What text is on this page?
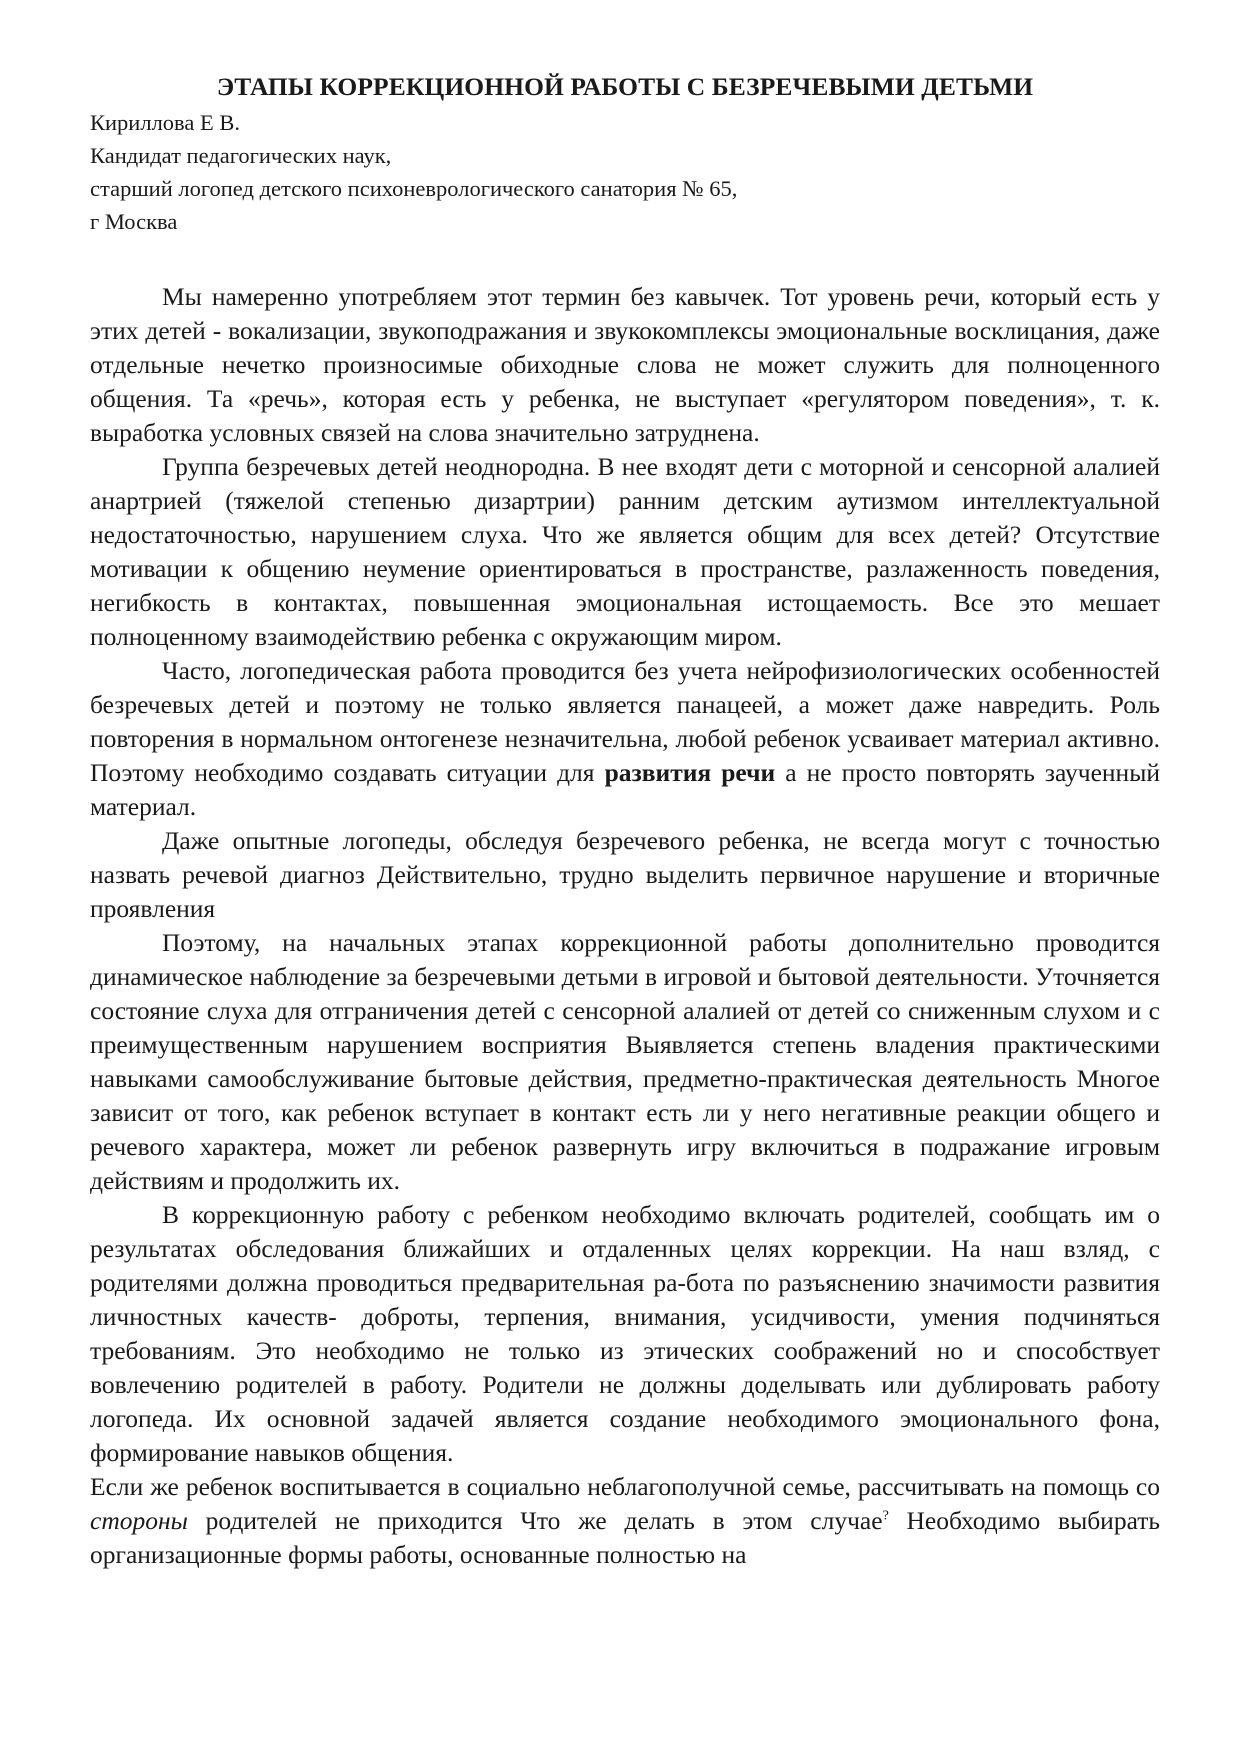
ЭТАПЫ КОРРЕКЦИОННОЙ РАБОТЫ С БЕЗРЕЧЕВЫМИ ДЕТЬМИ
Кириллова Е В.
Кандидат педагогических наук,
старший логопед детского психоневрологического санатория № 65,
г Москва

Мы намеренно употребляем этот термин без кавычек. Тот уровень речи, который есть у этих детей - вокализации, звукоподражания и звукокомплексы эмоциональные восклицания, даже отдельные нечетко произносимые обиходные слова не может служить для полноценного общения. Та «речь», которая есть у ребенка, не выступает «регулятором поведения», т. к. выработка условных связей на слова значительно затруднена.

Группа безречевых детей неоднородна. В нее входят дети с моторной и сенсорной алалией анартрией (тяжелой степенью дизартрии) ранним детским аутизмом интеллектуальной недостаточностью, нарушением слуха. Что же является общим для всех детей? Отсутствие мотивации к общению неумение ориентироваться в пространстве, разлаженность поведения, негибкость в контактах, повышенная эмоциональная истощаемость. Все это мешает полноценному взаимодействию ребенка с окружающим миром.

Часто, логопедическая работа проводится без учета нейрофизиологических особенностей безречевых детей и поэтому не только является панацеей, а может даже навредить. Роль повторения в нормальном онтогенезе незначительна, любой ребенок усваивает материал активно. Поэтому необходимо создавать ситуации для развития речи а не просто повторять заученный материал.

Даже опытные логопеды, обследуя безречевого ребенка, не всегда могут с точностью назвать речевой диагноз Действительно, трудно выделить первичное нарушение и вторичные проявления

Поэтому, на начальных этапах коррекционной работы дополнительно проводится динамическое наблюдение за безречевыми детьми в игровой и бытовой деятельности. Уточняется состояние слуха для отграничения детей с сенсорной алалией от детей со сниженным слухом и с преимущественным нарушением восприятия Выявляется степень владения практическими навыками самообслуживание бытовые действия, предметно-практическая деятельность Многое зависит от того, как ребенок вступает в контакт есть ли у него негативные реакции общего и речевого характера, может ли ребенок развернуть игру включиться в подражание игровым действиям и продолжить их.

В коррекционную работу с ребенком необходимо включать родителей, сообщать им о результатах обследования ближайших и отдаленных целях коррекции. На наш взляд, с родителями должна проводиться предварительная ра-бота по разъяснению значимости развития личностных качеств- доброты, терпения, внимания, усидчивости, умения подчиняться требованиям. Это необходимо не только из этических соображений но и способствует вовлечению родителей в работу. Родители не должны доделывать или дублировать работу логопеда. Их основной задачей является создание необходимого эмоционального фона, формирование навыков общения.

Если же ребенок воспитывается в социально неблагополучной семье, рассчитывать на помощь со стороны родителей не приходится Что же делать в этом случае? Необходимо выбирать организационные формы работы, основанные полностью на
